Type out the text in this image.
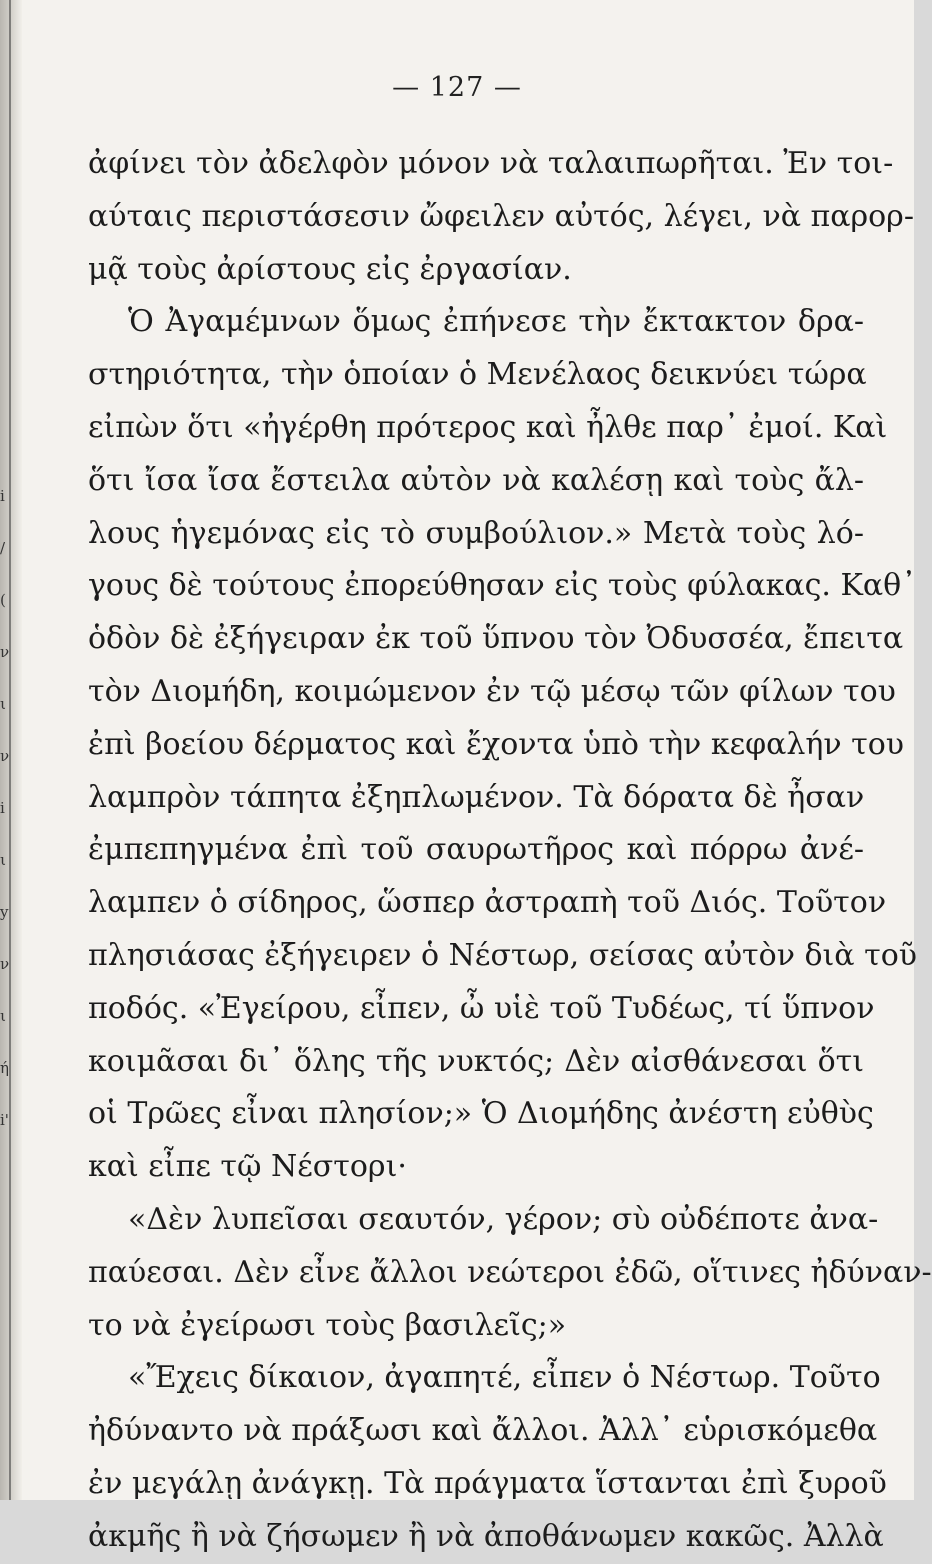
i
/
(
ν
ι
ν
i
ι
y
ν
ι
ή
i'
— 127 —
ἀφίνει τὸν ἀδελφὸν μόνον νὰ ταλαιπωρῆται. Ἐν τοι-
αύταις περιστάσεσιν ὤφειλεν αὐτός, λέγει, νὰ παρορ-
μᾷ τοὺς ἀρίστους εἰς ἐργασίαν.
Ὁ Ἀγαμέμνων ὅμως ἐπήνεσε τὴν ἔκτακτον δρα-
στηριότητα, τὴν ὁποίαν ὁ Μενέλαος δεικνύει τώρα
εἰπὼν ὅτι «ἠγέρθη πρότερος καὶ ἦλθε παρ᾽ ἐμοί. Καὶ
ὅτι ἴσα ἴσα ἔστειλα αὐτὸν νὰ καλέσῃ καὶ τοὺς ἄλ-
λους ἡγεμόνας εἰς τὸ συμβούλιον.» Μετὰ τοὺς λό-
γους δὲ τούτους ἐπορεύθησαν εἰς τοὺς φύλακας. Καθ᾽
ὁδὸν δὲ ἐξήγειραν ἐκ τοῦ ὕπνου τὸν Ὀδυσσέα, ἔπειτα
τὸν Διομήδη, κοιμώμενον ἐν τῷ μέσῳ τῶν φίλων του
ἐπὶ βοείου δέρματος καὶ ἔχοντα ὑπὸ τὴν κεφαλήν του
λαμπρὸν τάπητα ἐξηπλωμένον. Τὰ δόρατα δὲ ἦσαν
ἐμπεπηγμένα ἐπὶ τοῦ σαυρωτῆρος καὶ πόρρω ἀνέ-
λαμπεν ὁ σίδηρος, ὥσπερ ἀστραπὴ τοῦ Διός. Τοῦτον
πλησιάσας ἐξήγειρεν ὁ Νέστωρ, σείσας αὐτὸν διὰ τοῦ
ποδός. «Ἐγείρου, εἶπεν, ὦ υἱὲ τοῦ Τυδέως, τί ὕπνον
κοιμᾶσαι δι᾽ ὅλης τῆς νυκτός; Δὲν αἰσθάνεσαι ὅτι
οἱ Τρῶες εἶναι πλησίον;» Ὁ Διομήδης ἀνέστη εὐθὺς
καὶ εἶπε τῷ Νέστορι·
«Δὲν λυπεῖσαι σεαυτόν, γέρον; σὺ οὐδέποτε ἀνα-
παύεσαι. Δὲν εἶνε ἄλλοι νεώτεροι ἐδῶ, οἵτινες ἠδύναν-
το νὰ ἐγείρωσι τοὺς βασιλεῖς;»
«Ἔχεις δίκαιον, ἀγαπητέ, εἶπεν ὁ Νέστωρ. Τοῦτο
ἠδύναντο νὰ πράξωσι καὶ ἄλλοι. Ἀλλ᾽ εὑρισκόμεθα
ἐν μεγάλῃ ἀνάγκῃ. Τὰ πράγματα ἵστανται ἐπὶ ξυροῦ
ἀκμῆς ἢ νὰ ζήσωμεν ἢ νὰ ἀποθάνωμεν κακῶς. Ἀλλὰ
